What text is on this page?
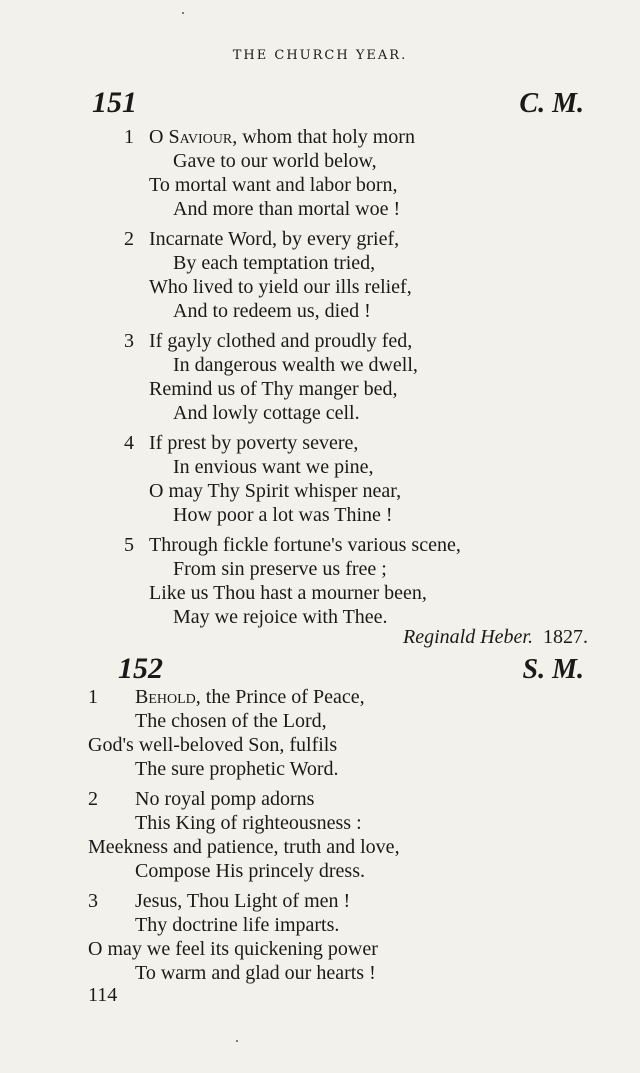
THE CHURCH YEAR.
151	C. M.
1 O Saviour, whom that holy morn
Gave to our world below,
To mortal want and labor born,
And more than mortal woe !
2 Incarnate Word, by every grief,
By each temptation tried,
Who lived to yield our ills relief,
And to redeem us, died !
3 If gayly clothed and proudly fed,
In dangerous wealth we dwell,
Remind us of Thy manger bed,
And lowly cottage cell.
4 If prest by poverty severe,
In envious want we pine,
O may Thy Spirit whisper near,
How poor a lot was Thine !
5 Through fickle fortune's various scene,
From sin preserve us free ;
Like us Thou hast a mourner been,
May we rejoice with Thee.
Reginald Heber. 1827.
152	S. M.
1 Behold, the Prince of Peace,
The chosen of the Lord,
God's well-beloved Son, fulfils
The sure prophetic Word.
2 No royal pomp adorns
This King of righteousness :
Meekness and patience, truth and love,
Compose His princely dress.
3 Jesus, Thou Light of men !
Thy doctrine life imparts.
O may we feel its quickening power
To warm and glad our hearts !
114
